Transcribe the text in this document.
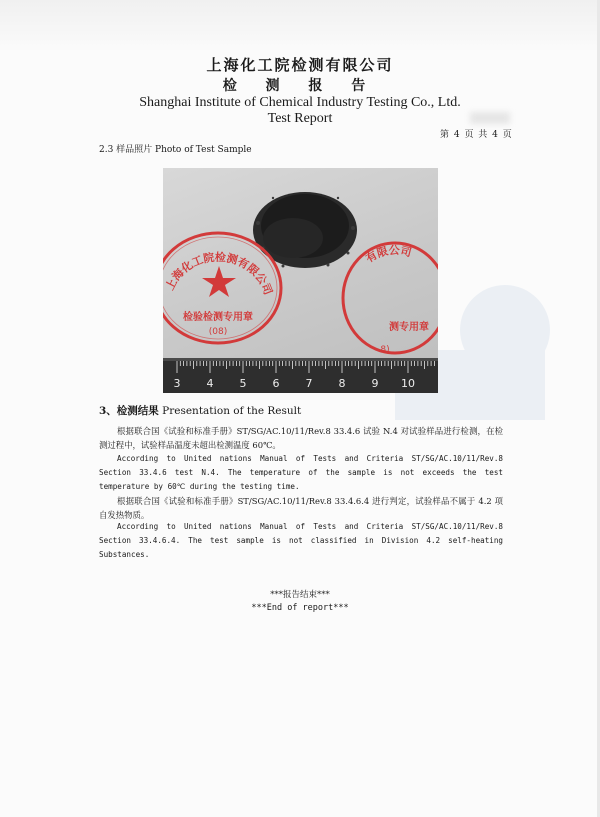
上海化工院检测有限公司
检 测 报 告
Shanghai Institute of Chemical Industry Testing Co., Ltd.
Test Report
第 4 页 共 4 页
2.3 样品照片 Photo of Test Sample
上海化工院检测有限公司
检验检测专用章
(08)
有限公司
测专用章
8)
3 4 5 6 7 8 9 10
3、检测结果 Presentation of the Result
根据联合国《试验和标准手册》ST/SG/AC.10/11/Rev.8 33.4.6 试验 N.4 对试验样品进行检测，在检测过程中，试验样品温度未超出检测温度 60℃。
According to United nations Manual of Tests and Criteria ST/SG/AC.10/11/Rev.8 Section 33.4.6 test N.4. The temperature of the sample is not exceeds the test temperature by 60℃ during the testing time.
根据联合国《试验和标准手册》ST/SG/AC.10/11/Rev.8 33.4.6.4 进行判定，试验样品不属于 4.2 项自发热物质。
According to United nations Manual of Tests and Criteria ST/SG/AC.10/11/Rev.8 Section 33.4.6.4. The test sample is not classified in Division 4.2 self-heating Substances.
***报告结束***
***End of report***
